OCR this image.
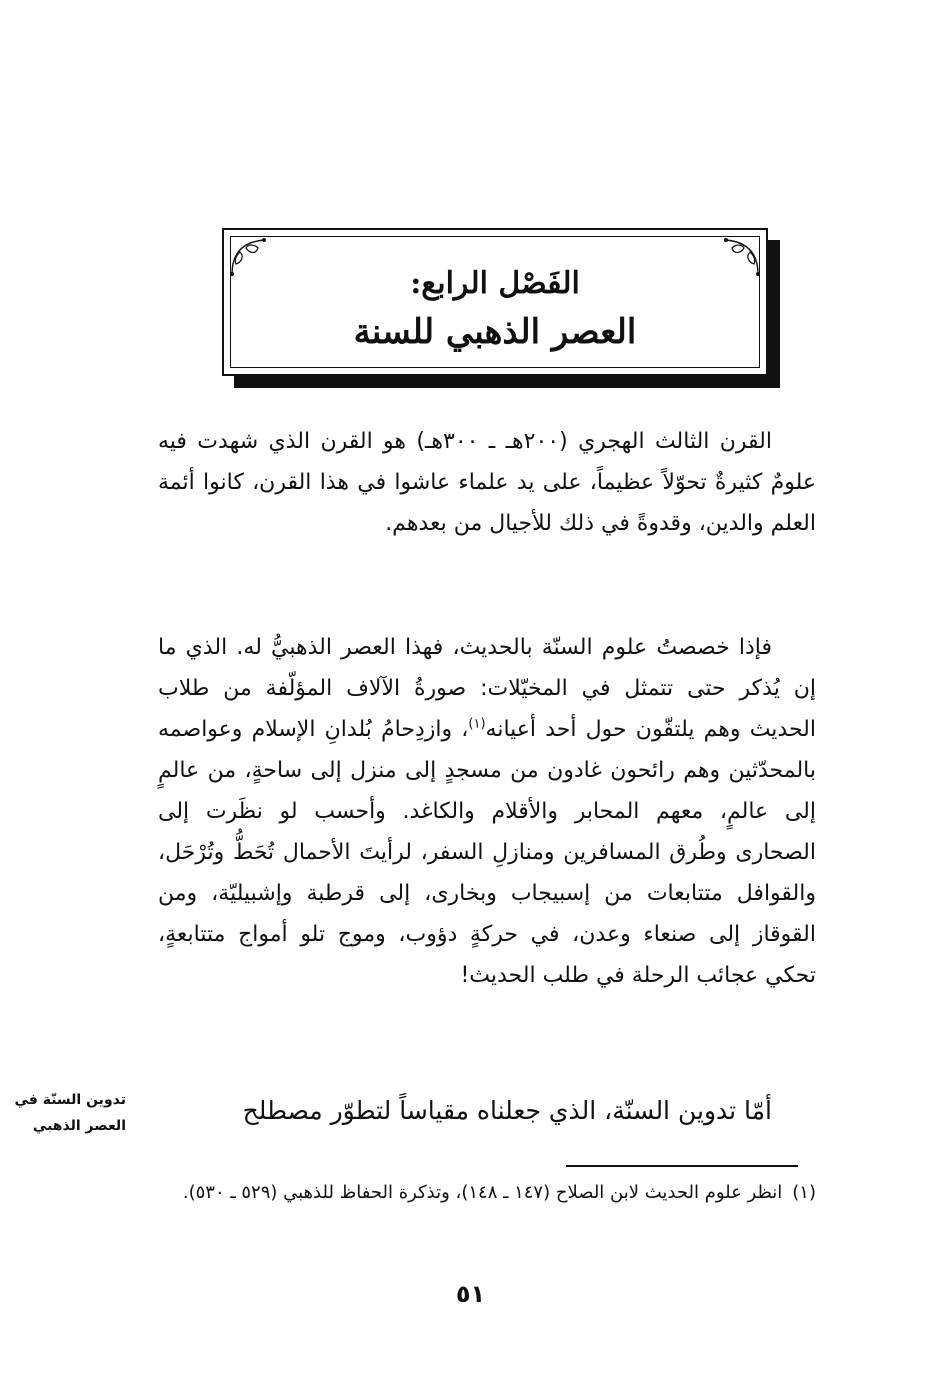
الفَصْل الرابع:
العصر الذهبي للسنة
القرن الثالث الهجري (٢٠٠هـ ـ ٣٠٠هـ) هو القرن الذي شهدت فيه علومٌ كثيرةٌ تحوّلاً عظيماً، على يد علماء عاشوا في هذا القرن، كانوا أئمة العلم والدين، وقدوةً في ذلك للأجيال من بعدهم.
فإذا خصصتُ علوم السنّة بالحديث، فهذا العصر الذهبيُّ له. الذي ما إن يُذكر حتى تتمثل في المخيّلات: صورةُ الآلاف المؤلّفة من طلاب الحديث وهم يلتفّون حول أحد أعيانه$^{(١)}$، وازدِحامُ بُلدانِ الإسلام وعواصمه بالمحدّثين وهم رائحون غادون من مسجدٍ إلى منزل إلى ساحةٍ، من عالمٍ إلى عالمٍ، معهم المحابر والأقلام والكاغد. وأحسب لو نظَرت إلى الصحارى وطُرق المسافرين ومنازلِ السفر، لرأيتَ الأحمال تُحَطُّ وتُرْحَل، والقوافل متتابعات من إسبيجاب وبخارى، إلى قرطبة وإشبيليّة، ومن القوقاز إلى صنعاء وعدن، في حركةٍ دؤوب، وموج تلو أمواج متتابعةٍ، تحكي عجائب الرحلة في طلب الحديث!
أمّا تدوين السنّة، الذي جعلناه مقياساً لتطوّر مصطلح
تدوين السنّة في
العصر الذهبي
(١)انظر علوم الحديث لابن الصلاح (١٤٧ ـ ١٤٨)، وتذكرة الحفاظ للذهبي (٥٢٩ ـ ٥٣٠).
٥١
